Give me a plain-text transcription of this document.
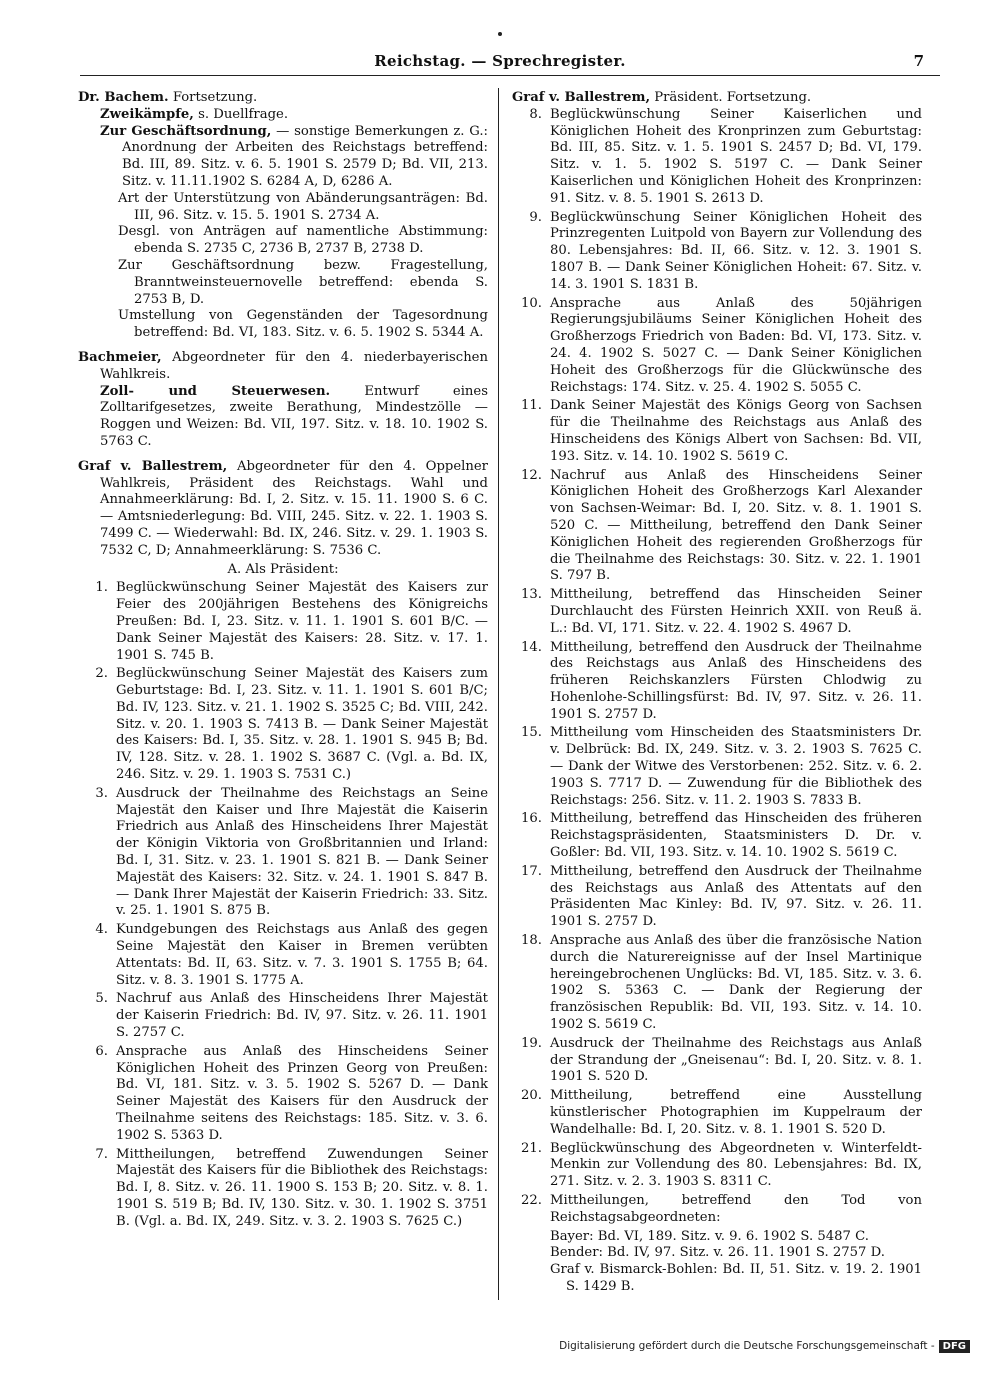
Reichstag. — Sprechregister.	7
Dr. Bachem. Fortsetzung.
Zweikämpfe, s. Duellfrage.
Zur Geschäftsordnung, — sonstige Bemerkungen z. G.: Anordnung der Arbeiten des Reichstags betreffend: Bd. III, 89. Sitz. v. 6. 5. 1901 S. 2579 D; Bd. VII, 213. Sitz. v. 11.11.1902 S. 6284 A, D, 6286 A.
Art der Unterstützung von Abänderungsanträgen: Bd. III, 96. Sitz. v. 15. 5. 1901 S. 2734 A.
Desgl. von Anträgen auf namentliche Abstimmung: ebenda S. 2735 C, 2736 B, 2737 B, 2738 D.
Zur Geschäftsordnung bezw. Fragestellung, Branntweinsteuernovelle betreffend: ebenda S. 2753 B, D.
Umstellung von Gegenständen der Tagesordnung betreffend: Bd. VI, 183. Sitz. v. 6. 5. 1902 S. 5344 A.
Bachmeier, Abgeordneter für den 4. niederbayerischen Wahlkreis.
Zoll- und Steuerwesen.	Entwurf eines Zolltarifgesetzes, zweite Berathung, Mindestzölle — Roggen und Weizen: Bd. VII, 197. Sitz. v. 18. 10. 1902 S. 5763 C.
Graf v. Ballestrem, Abgeordneter für den 4. Oppelner Wahlkreis, Präsident des Reichstags. Wahl und Annahmeerklärung: Bd. I, 2. Sitz. v. 15. 11. 1900 S. 6 C. — Amtsniederlegung: Bd. VIII, 245. Sitz. v. 22. 1. 1903 S. 7499 C. — Wiederwahl: Bd. IX, 246. Sitz. v. 29. 1. 1903 S. 7532 C, D; Annahmeerklärung: S. 7536 C.
A. Als Präsident:
1. Beglückwünschung Seiner Majestät des Kaisers zur Feier des 200jährigen Bestehens des Königreichs Preußen: Bd. I, 23. Sitz. v. 11. 1. 1901 S. 601 B/C. — Dank Seiner Majestät des Kaisers: 28. Sitz. v. 17. 1. 1901 S. 745 B.
2. Beglückwünschung Seiner Majestät des Kaisers zum Geburtstage: Bd. I, 23. Sitz. v. 11. 1. 1901 S. 601 B/C; Bd. IV, 123. Sitz. v. 21. 1. 1902 S. 3525 C; Bd. VIII, 242. Sitz. v. 20. 1. 1903 S. 7413 B. — Dank Seiner Majestät des Kaisers: Bd. I, 35. Sitz. v. 28. 1. 1901 S. 945 B; Bd. IV, 128. Sitz. v. 28. 1. 1902 S. 3687 C. (Vgl. a. Bd. IX, 246. Sitz. v. 29. 1. 1903 S. 7531 C.)
3. Ausdruck der Theilnahme des Reichstags an Seine Majestät den Kaiser und Ihre Majestät die Kaiserin Friedrich aus Anlaß des Hinscheidens Ihrer Majestät der Königin Viktoria von Großbritannien und Irland: Bd. I, 31. Sitz. v. 23. 1. 1901 S. 821 B. — Dank Seiner Majestät des Kaisers: 32. Sitz. v. 24. 1. 1901 S. 847 B. — Dank Ihrer Majestät der Kaiserin Friedrich: 33. Sitz. v. 25. 1. 1901 S. 875 B.
4. Kundgebungen des Reichstags aus Anlaß des gegen Seine Majestät den Kaiser in Bremen verübten Attentats: Bd. II, 63. Sitz. v. 7. 3. 1901 S. 1755 B; 64. Sitz. v. 8. 3. 1901 S. 1775 A.
5. Nachruf aus Anlaß des Hinscheidens Ihrer Majestät der Kaiserin Friedrich: Bd. IV, 97. Sitz. v. 26. 11. 1901 S. 2757 C.
6. Ansprache aus Anlaß des Hinscheidens Seiner Königlichen Hoheit des Prinzen Georg von Preußen: Bd. VI, 181. Sitz. v. 3. 5. 1902 S. 5267 D. — Dank Seiner Majestät des Kaisers für den Ausdruck der Theilnahme seitens des Reichstags: 185. Sitz. v. 3. 6. 1902 S. 5363 D.
7. Mittheilungen, betreffend Zuwendungen Seiner Majestät des Kaisers für die Bibliothek des Reichstags: Bd. I, 8. Sitz. v. 26. 11. 1900 S. 153 B; 20. Sitz. v. 8. 1. 1901 S. 519 B; Bd. IV, 130. Sitz. v. 30. 1. 1902 S. 3751 B. (Vgl. a. Bd. IX, 249. Sitz. v. 3. 2. 1903 S. 7625 C.)
Graf v. Ballestrem, Präsident. Fortsetzung.
8. Beglückwünschung Seiner Kaiserlichen und Königlichen Hoheit des Kronprinzen zum Geburtstag: Bd. III, 85. Sitz. v. 1. 5. 1901 S. 2457 D; Bd. VI, 179. Sitz. v. 1. 5. 1902 S. 5197 C. — Dank Seiner Kaiserlichen und Königlichen Hoheit des Kronprinzen: 91. Sitz. v. 8. 5. 1901 S. 2613 D.
9. Beglückwünschung Seiner Königlichen Hoheit des Prinzregenten Luitpold von Bayern zur Vollendung des 80. Lebensjahres: Bd. II, 66. Sitz. v. 12. 3. 1901 S. 1807 B. — Dank Seiner Königlichen Hoheit: 67. Sitz. v. 14. 3. 1901 S. 1831 B.
10. Ansprache aus Anlaß des 50jährigen Regierungsjubiläums Seiner Königlichen Hoheit des Großherzogs Friedrich von Baden: Bd. VI, 173. Sitz. v. 24. 4. 1902 S. 5027 C. — Dank Seiner Königlichen Hoheit des Großherzogs für die Glückwünsche des Reichstags: 174. Sitz. v. 25. 4. 1902 S. 5055 C.
11. Dank Seiner Majestät des Königs Georg von Sachsen für die Theilnahme des Reichstags aus Anlaß des Hinscheidens des Königs Albert von Sachsen: Bd. VII, 193. Sitz. v. 14. 10. 1902 S. 5619 C.
12. Nachruf aus Anlaß des Hinscheidens Seiner Königlichen Hoheit des Großherzogs Karl Alexander von Sachsen-Weimar: Bd. I, 20. Sitz. v. 8. 1. 1901 S. 520 C. — Mittheilung, betreffend den Dank Seiner Königlichen Hoheit des regierenden Großherzogs für die Theilnahme des Reichstags: 30. Sitz. v. 22. 1. 1901 S. 797 B.
13. Mittheilung, betreffend das Hinscheiden Seiner Durchlaucht des Fürsten Heinrich XXII. von Reuß ä. L.: Bd. VI, 171. Sitz. v. 22. 4. 1902 S. 4967 D.
14. Mittheilung, betreffend den Ausdruck der Theilnahme des Reichstags aus Anlaß des Hinscheidens des früheren Reichskanzlers Fürsten Chlodwig zu Hohenlohe-Schillingsfürst: Bd. IV, 97. Sitz. v. 26. 11. 1901 S. 2757 D.
15. Mittheilung vom Hinscheiden des Staatsministers Dr. v. Delbrück: Bd. IX, 249. Sitz. v. 3. 2. 1903 S. 7625 C. — Dank der Witwe des Verstorbenen: 252. Sitz. v. 6. 2. 1903 S. 7717 D. — Zuwendung für die Bibliothek des Reichstags: 256. Sitz. v. 11. 2. 1903 S. 7833 B.
16. Mittheilung, betreffend das Hinscheiden des früheren Reichstagspräsidenten, Staatsministers D. Dr. v. Goßler: Bd. VII, 193. Sitz. v. 14. 10. 1902 S. 5619 C.
17. Mittheilung, betreffend den Ausdruck der Theilnahme des Reichstags aus Anlaß des Attentats auf den Präsidenten Mac Kinley: Bd. IV, 97. Sitz. v. 26. 11. 1901 S. 2757 D.
18. Ansprache aus Anlaß des über die französische Nation durch die Naturereignisse auf der Insel Martinique hereingebrochenen Unglücks: Bd. VI, 185. Sitz. v. 3. 6. 1902 S. 5363 C. — Dank der Regierung der französischen Republik: Bd. VII, 193. Sitz. v. 14. 10. 1902 S. 5619 C.
19. Ausdruck der Theilnahme des Reichstags aus Anlaß der Strandung der „Gneisenau“: Bd. I, 20. Sitz. v. 8. 1. 1901 S. 520 D.
20. Mittheilung, betreffend eine Ausstellung künstlerischer Photographien im Kuppelraum der Wandelhalle: Bd. I, 20. Sitz. v. 8. 1. 1901 S. 520 D.
21. Beglückwünschung des Abgeordneten v. Winterfeldt-Menkin zur Vollendung des 80. Lebensjahres: Bd. IX, 271. Sitz. v. 2. 3. 1903 S. 8311 C.
22. Mittheilungen, betreffend den Tod von Reichstagsabgeordneten:
Bayer: Bd. VI, 189. Sitz. v. 9. 6. 1902 S. 5487 C.
Bender: Bd. IV, 97. Sitz. v. 26. 11. 1901 S. 2757 D.
Graf v. Bismarck-Bohlen: Bd. II, 51. Sitz. v. 19. 2. 1901 S. 1429 B.
Digitalisierung gefördert durch die Deutsche Forschungsgemeinschaft - DFG
